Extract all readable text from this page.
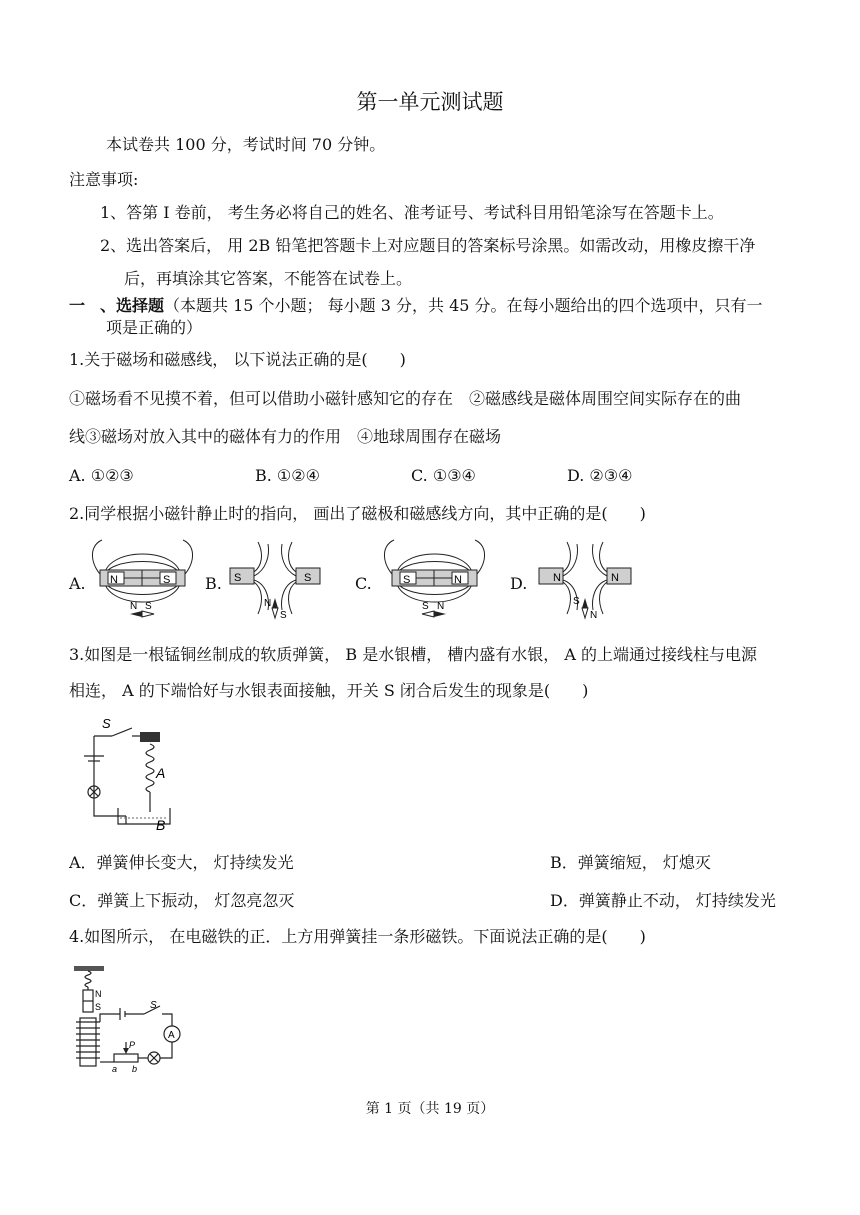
第一单元测试题
本试卷共 100 分，考试时间 70 分钟。
注意事项:
1、答第 I 卷前， 考生务必将自己的姓名、准考证号、考试科目用铅笔涂写在答题卡上。
2、选出答案后， 用 2B 铅笔把答题卡上对应题目的答案标号涂黑。如需改动，用橡皮擦干净
后，再填涂其它答案，不能答在试卷上。
一 、选择题（本题共 15 个小题； 每小题 3 分，共 45 分。在每小题给出的四个选项中，只有一
项是正确的）
1.关于磁场和磁感线， 以下说法正确的是(　　)
①磁场看不见摸不着，但可以借助小磁针感知它的存在　②磁感线是磁体周围空间实际存在的曲
线③磁场对放入其中的磁体有力的作用　④地球周围存在磁场
A. ①②③	B. ①②④	C. ①③④	D. ②③④
2.同学根据小磁针静止时的指向， 画出了磁极和磁感线方向，其中正确的是(　　)
A.	B.	C.	D.
N	S
N S
S	S
N
S
S	N
N
S
N	N
N
S
3.如图是一根锰铜丝制成的软质弹簧， B 是水银槽， 槽内盛有水银， A 的上端通过接线柱与电源
相连， A 的下端恰好与水银表面接触，开关 S 闭合后发生的现象是(　　)
S
A
B
A．弹簧伸长变大， 灯持续发光	B．弹簧缩短， 灯熄灭
C．弹簧上下振动， 灯忽亮忽灭	D．弹簧静止不动， 灯持续发光
4.如图所示， 在电磁铁的正．上方用弹簧挂一条形磁铁。下面说法正确的是(　　)
N
S	S
A
P
a b
第 1 页（共 19 页）
